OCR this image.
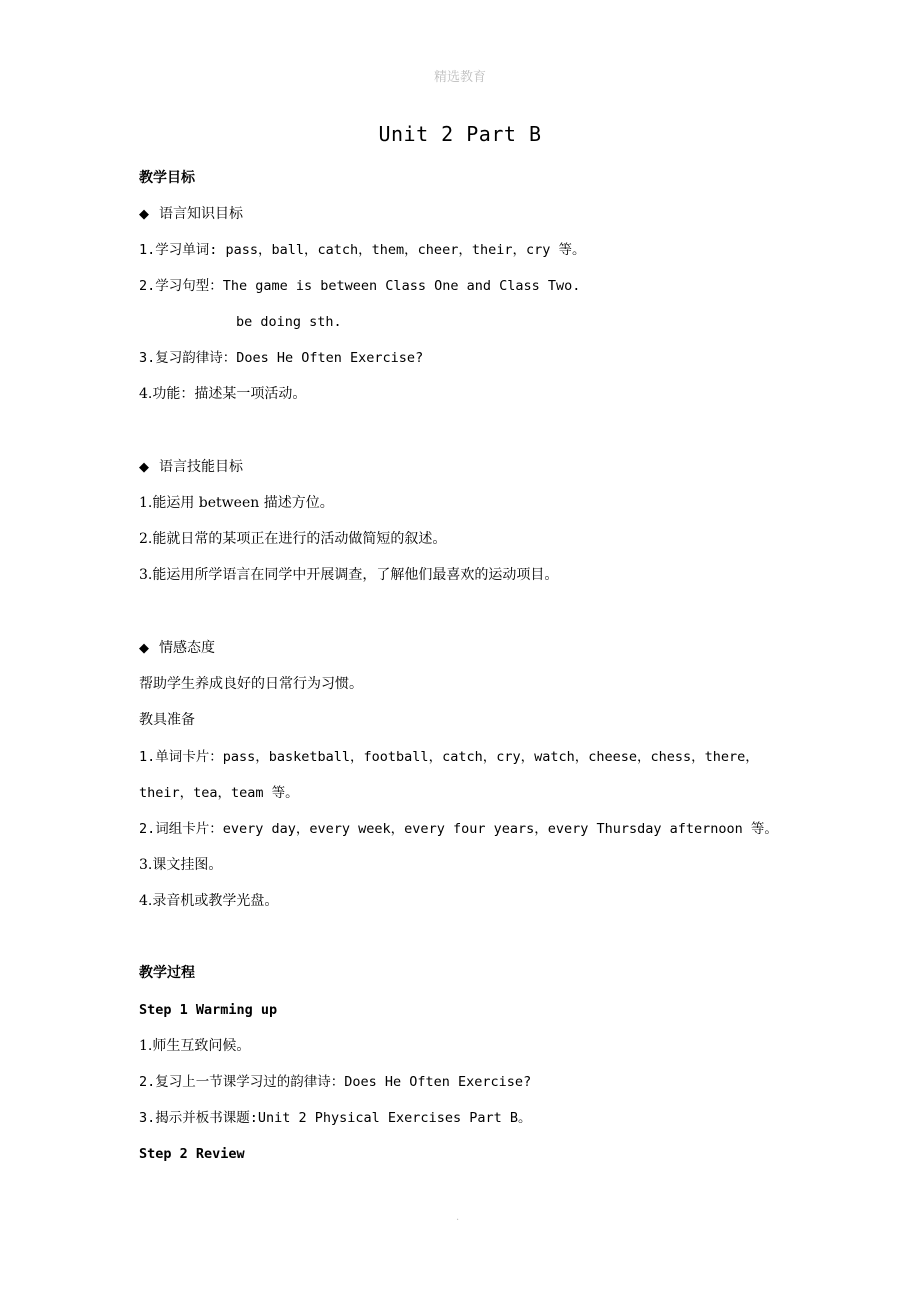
精选教育
Unit 2 Part B
教学目标
◆ 语言知识目标
1.学习单词: pass，ball，catch，them，cheer，their，cry 等。
2.学习句型：The game is between Class One and Class Two.
be doing sth.
3.复习韵律诗：Does He Often Exercise?
4.功能：描述某一项活动。
◆ 语言技能目标
1.能运用 between 描述方位。
2.能就日常的某项正在进行的活动做简短的叙述。
3.能运用所学语言在同学中开展调查，了解他们最喜欢的运动项目。
◆ 情感态度
帮助学生养成良好的日常行为习惯。
教具准备
1.单词卡片：pass，basketball，football，catch，cry，watch，cheese，chess，there，
their，tea，team 等。
2.词组卡片：every day，every week，every four years，every Thursday afternoon 等。
3.课文挂图。
4.录音机或教学光盘。
教学过程
Step 1 Warming up
1.师生互致问候。
2.复习上一节课学习过的韵律诗：Does He Often Exercise?
3.揭示并板书课题:Unit 2 Physical Exercises Part B。
Step 2 Review
.
